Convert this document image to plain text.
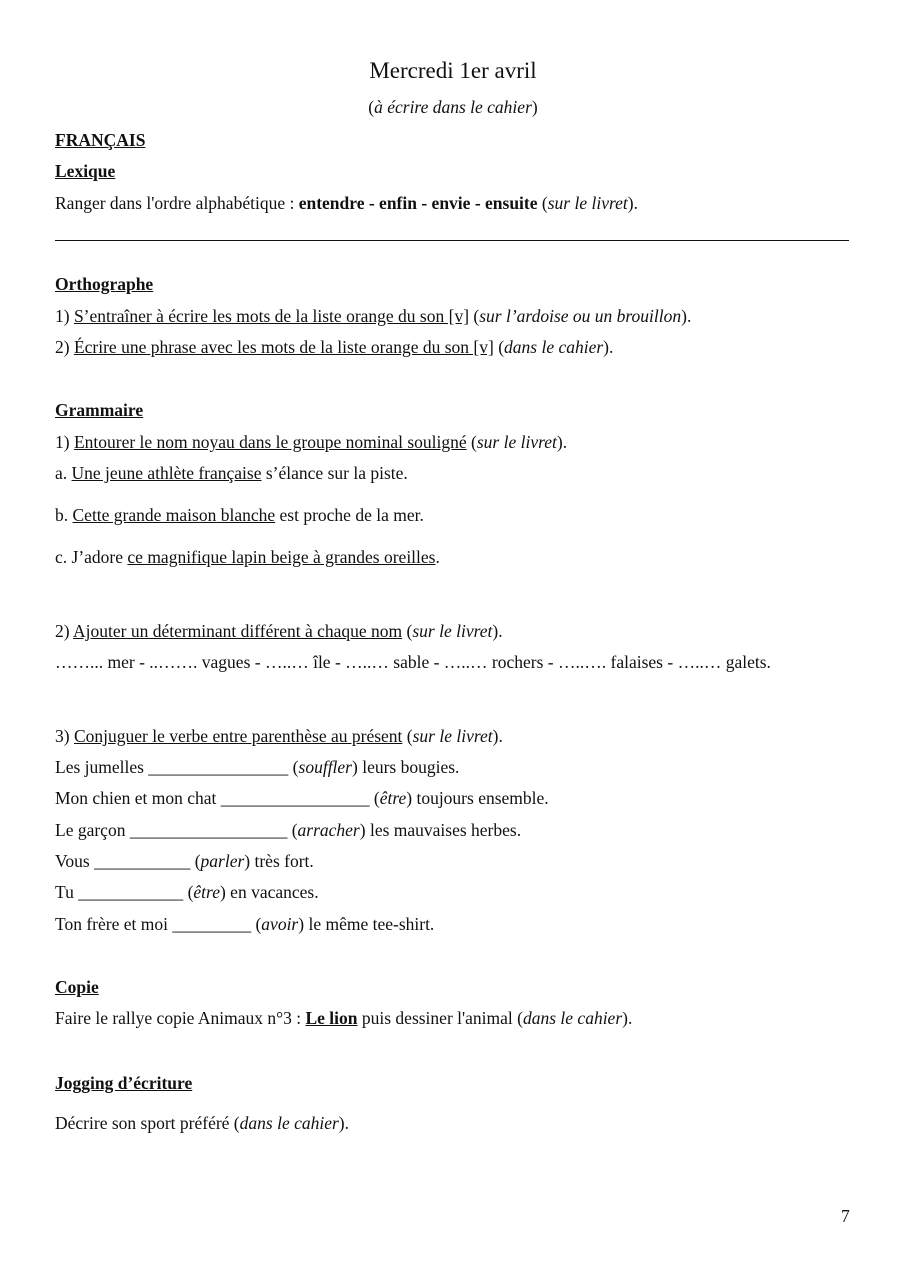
Mercredi 1er avril
(à écrire dans le cahier)
FRANÇAIS
Lexique
Ranger dans l'ordre alphabétique : entendre - enfin - envie - ensuite (sur le livret).
Orthographe
1) S’entraîner à écrire les mots de la liste orange du son [v] (sur l’ardoise ou un brouillon).
2) Écrire une phrase avec les mots de la liste orange du son [v] (dans le cahier).
Grammaire
1) Entourer le nom noyau dans le groupe nominal souligné (sur le livret).
a. Une jeune athlète française s’élance sur la piste.
b. Cette grande maison blanche est proche de la mer.
c. J’adore ce magnifique lapin beige à grandes oreilles.
2) Ajouter un déterminant différent à chaque nom (sur le livret).
……... mer - ..……. vagues - …..… île - …..… sable - …..… rochers - …..…. falaises - …..… galets.
3) Conjuguer le verbe entre parenthèse au présent (sur le livret).
Les jumelles ________________ (souffler) leurs bougies.
Mon chien et mon chat _________________ (être) toujours ensemble.
Le garçon __________________ (arracher) les mauvaises herbes.
Vous ___________ (parler) très fort.
Tu ____________ (être) en vacances.
Ton frère et moi _________ (avoir) le même tee-shirt.
Copie
Faire le rallye copie Animaux n°3 : Le lion puis dessiner l'animal (dans le cahier).
Jogging d’écriture
Décrire son sport préféré (dans le cahier).
7
